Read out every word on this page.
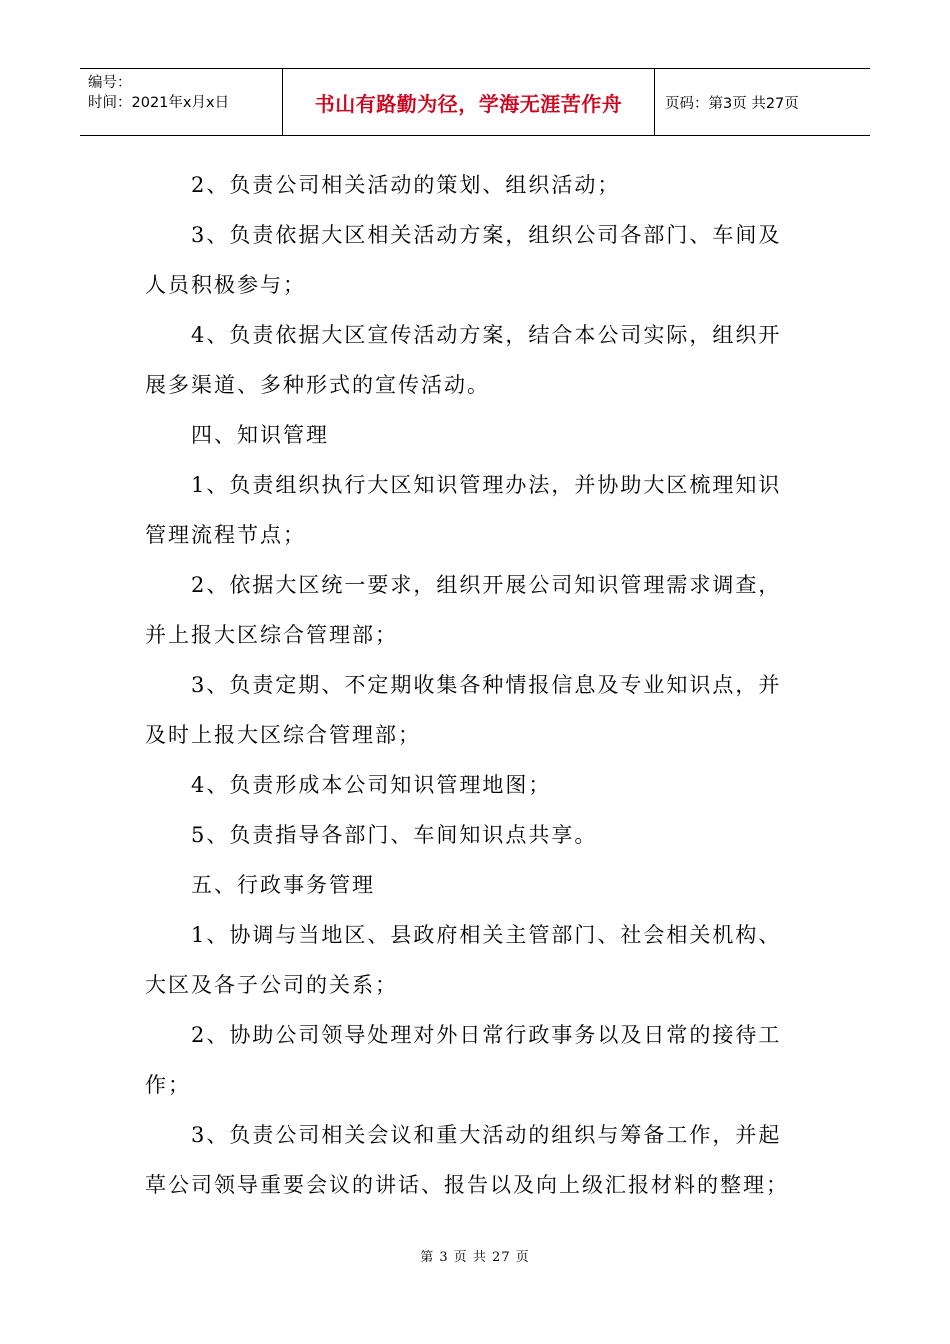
编号：
时间：2021年x月x日	书山有路勤为径，学海无涯苦作舟	页码：第3页 共27页

2、负责公司相关活动的策划、组织活动；

3、负责依据大区相关活动方案，组织公司各部门、车间及

人员积极参与；

4、负责依据大区宣传活动方案，结合本公司实际，组织开

展多渠道、多种形式的宣传活动。

四、知识管理

1、负责组织执行大区知识管理办法，并协助大区梳理知识

管理流程节点；

2、依据大区统一要求，组织开展公司知识管理需求调查，

并上报大区综合管理部；

3、负责定期、不定期收集各种情报信息及专业知识点，并

及时上报大区综合管理部；

4、负责形成本公司知识管理地图；

5、负责指导各部门、车间知识点共享。

五、行政事务管理

1、协调与当地区、县政府相关主管部门、社会相关机构、

大区及各子公司的关系；

2、协助公司领导处理对外日常行政事务以及日常的接待工

作；

3、负责公司相关会议和重大活动的组织与筹备工作，并起

草公司领导重要会议的讲话、报告以及向上级汇报材料的整理；

第 3 页 共 27 页
